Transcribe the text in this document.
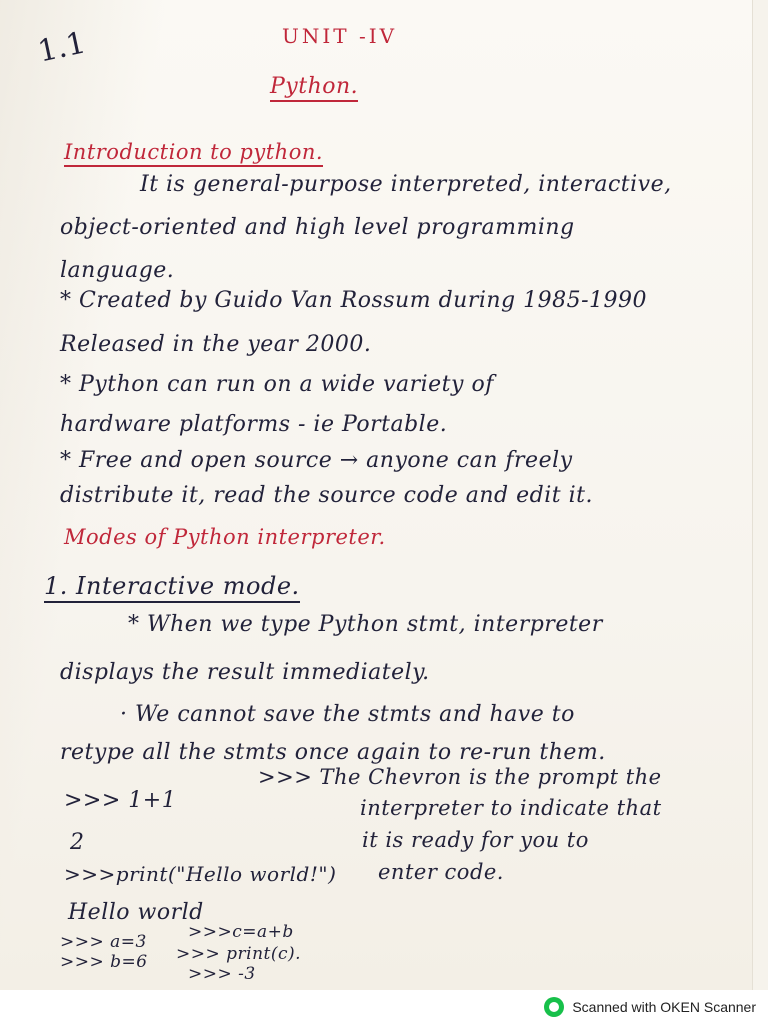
1.1	UNIT -IV
Python.
Introduction to python.
It is general-purpose interpreted, interactive,
object-oriented and high level programming
language.
* Created by Guido Van Rossum during 1985-1990
Released in the year 2000.
* Python can run on a wide variety of
hardware platforms - ie Portable.
* Free and open source → anyone can freely
distribute it, read the source code and edit it.
Modes of Python interpreter.
1. Interactive mode.
* When we type Python stmt, interpreter
displays the result immediately.
· We cannot save the stmts and have to
retype all the stmts once again to re-run them.
>>> 1+1
2
>>>print("Hello world!")
Hello world
>>> a=3
>>> b=6
>>> The Chevron is the prompt the
interpreter to indicate that
it is ready for you to
enter code.
>>>c=a+b
>>> print(c).
>>> -3
Scanned with OKEN Scanner
